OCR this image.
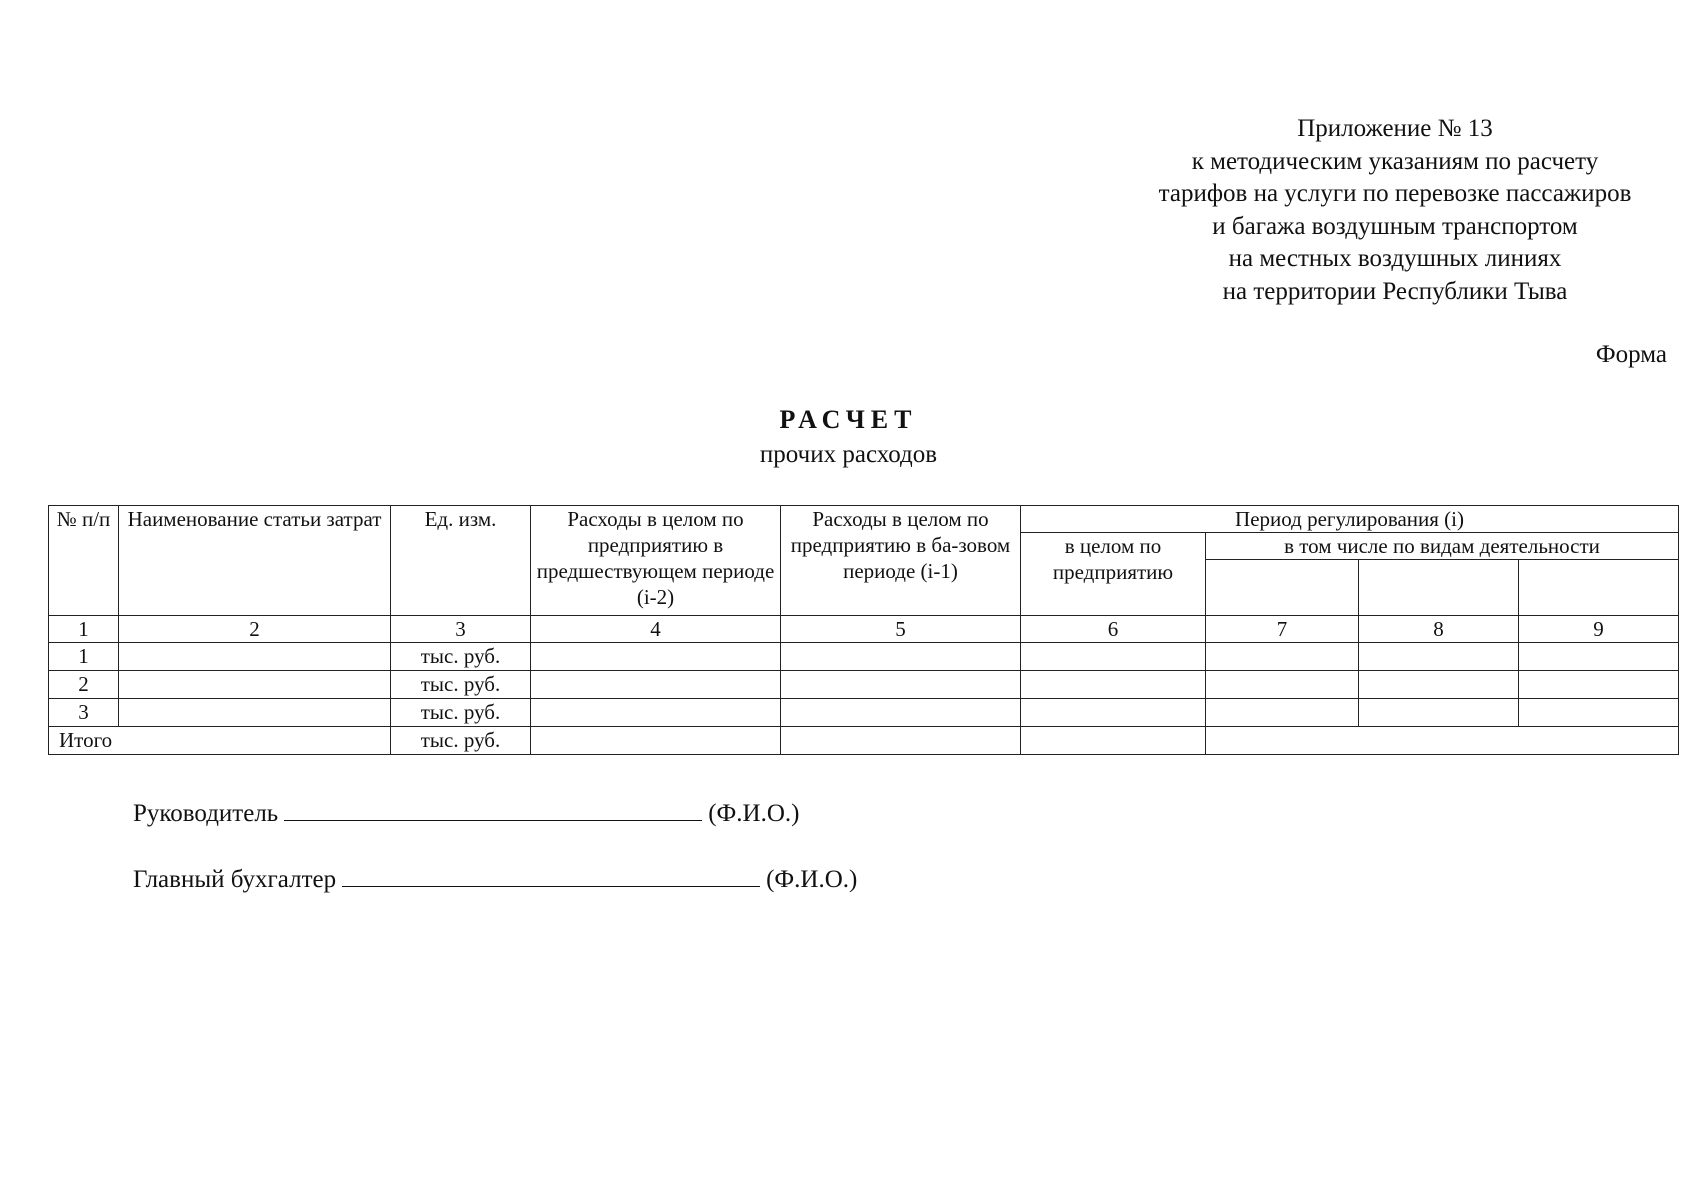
Приложение № 13
к методическим указаниям по расчету
тарифов на услуги по перевозке пассажиров
и багажа воздушным транспортом
на местных воздушных линиях
на территории Республики Тыва
Форма
РАСЧЕТ
прочих расходов
№ п/п	Наименование статьи затрат	Ед. изм.	Расходы в целом по предприятию в предшествующем периоде (i-2)	Расходы в целом по предприятию в ба-зовом периоде (i-1)	Период регулирования (i)			
					в целом по предприятию	в том числе по видам деятельности		

1	2	3	4	5	6	7	8	9
1		тыс. руб.						
2		тыс. руб.						
3		тыс. руб.						
Итого		тыс. руб.						
Руководитель	(Ф.И.О.)
Главный бухгалтер	(Ф.И.О.)
